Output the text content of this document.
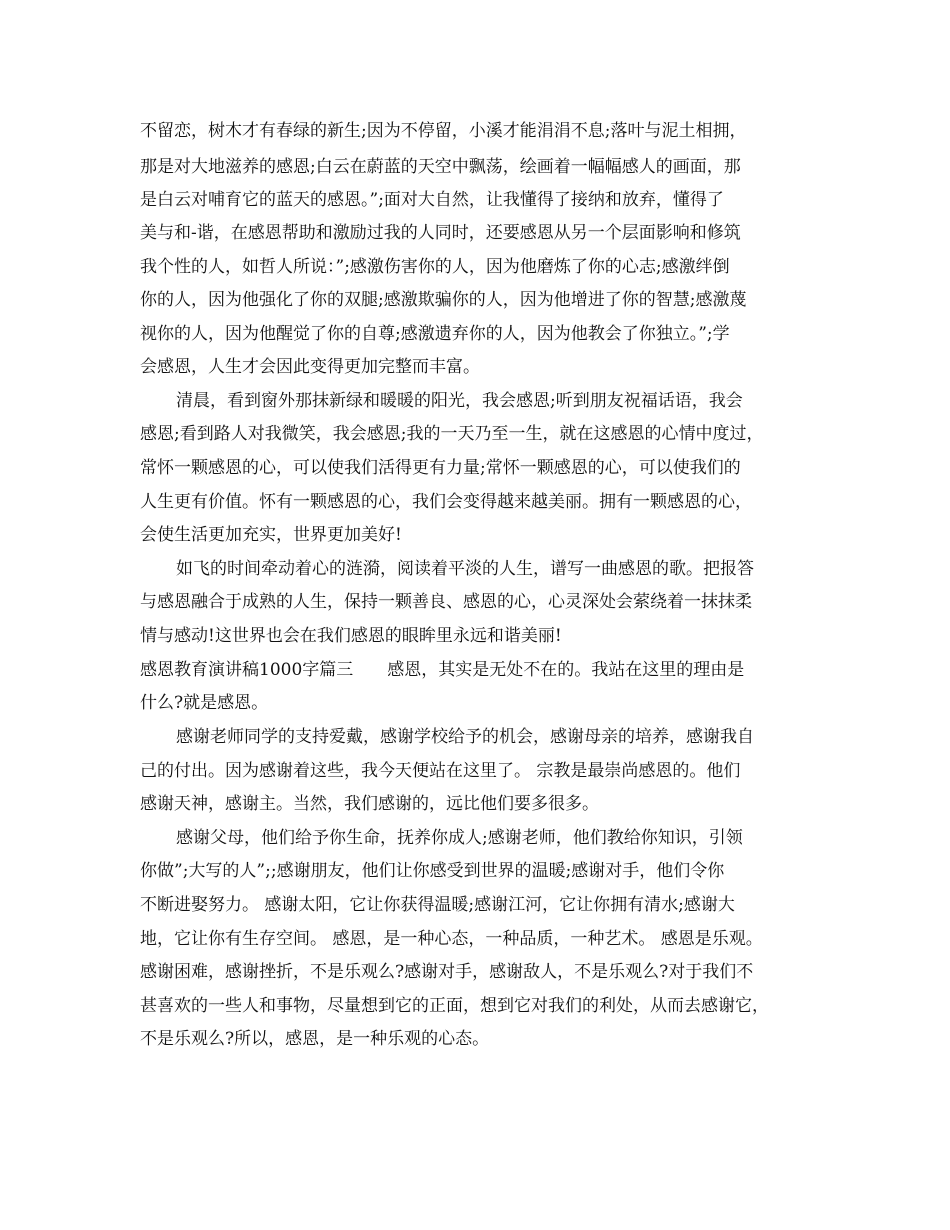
不留恋，树木才有春绿的新生;因为不停留，小溪才能涓涓不息;落叶与泥土相拥，
那是对大地滋养的感恩;白云在蔚蓝的天空中飘荡，绘画着一幅幅感人的画面，那
是白云对哺育它的蓝天的感恩。”;面对大自然，让我懂得了接纳和放弃，懂得了
美与和-谐，在感恩帮助和激励过我的人同时，还要感恩从另一个层面影响和修筑
我个性的人，如哲人所说：”;感激伤害你的人，因为他磨炼了你的心志;感激绊倒
你的人，因为他强化了你的双腿;感激欺骗你的人，因为他增进了你的智慧;感激蔑
视你的人，因为他醒觉了你的自尊;感激遗弃你的人，因为他教会了你独立。”;学
会感恩，人生才会因此变得更加完整而丰富。
清晨，看到窗外那抹新绿和暖暖的阳光，我会感恩;听到朋友祝福话语，我会
感恩;看到路人对我微笑，我会感恩;我的一天乃至一生，就在这感恩的心情中度过，
常怀一颗感恩的心，可以使我们活得更有力量;常怀一颗感恩的心，可以使我们的
人生更有价值。怀有一颗感恩的心，我们会变得越来越美丽。拥有一颗感恩的心，
会使生活更加充实，世界更加美好!
如飞的时间牵动着心的涟漪，阅读着平淡的人生，谱写一曲感恩的歌。把报答
与感恩融合于成熟的人生，保持一颗善良、感恩的心，心灵深处会萦绕着一抹抹柔
情与感动!这世界也会在我们感恩的眼眸里永远和谐美丽!
感恩教育演讲稿1000字篇三　　感恩，其实是无处不在的。我站在这里的理由是
什么?就是感恩。
感谢老师同学的支持爱戴，感谢学校给予的机会，感谢母亲的培养，感谢我自
己的付出。因为感谢着这些，我今天便站在这里了。 宗教是最崇尚感恩的。他们
感谢天神，感谢主。当然，我们感谢的，远比他们要多很多。
感谢父母，他们给予你生命，抚养你成人;感谢老师，他们教给你知识，引领
你做”;大写的人”;;感谢朋友，他们让你感受到世界的温暖;感谢对手，他们令你
不断进娶努力。 感谢太阳，它让你获得温暖;感谢江河，它让你拥有清水;感谢大
地，它让你有生存空间。 感恩，是一种心态，一种品质，一种艺术。 感恩是乐观。
感谢困难，感谢挫折，不是乐观么?感谢对手，感谢敌人，不是乐观么?对于我们不
甚喜欢的一些人和事物，尽量想到它的正面，想到它对我们的利处，从而去感谢它，
不是乐观么?所以，感恩，是一种乐观的心态。
